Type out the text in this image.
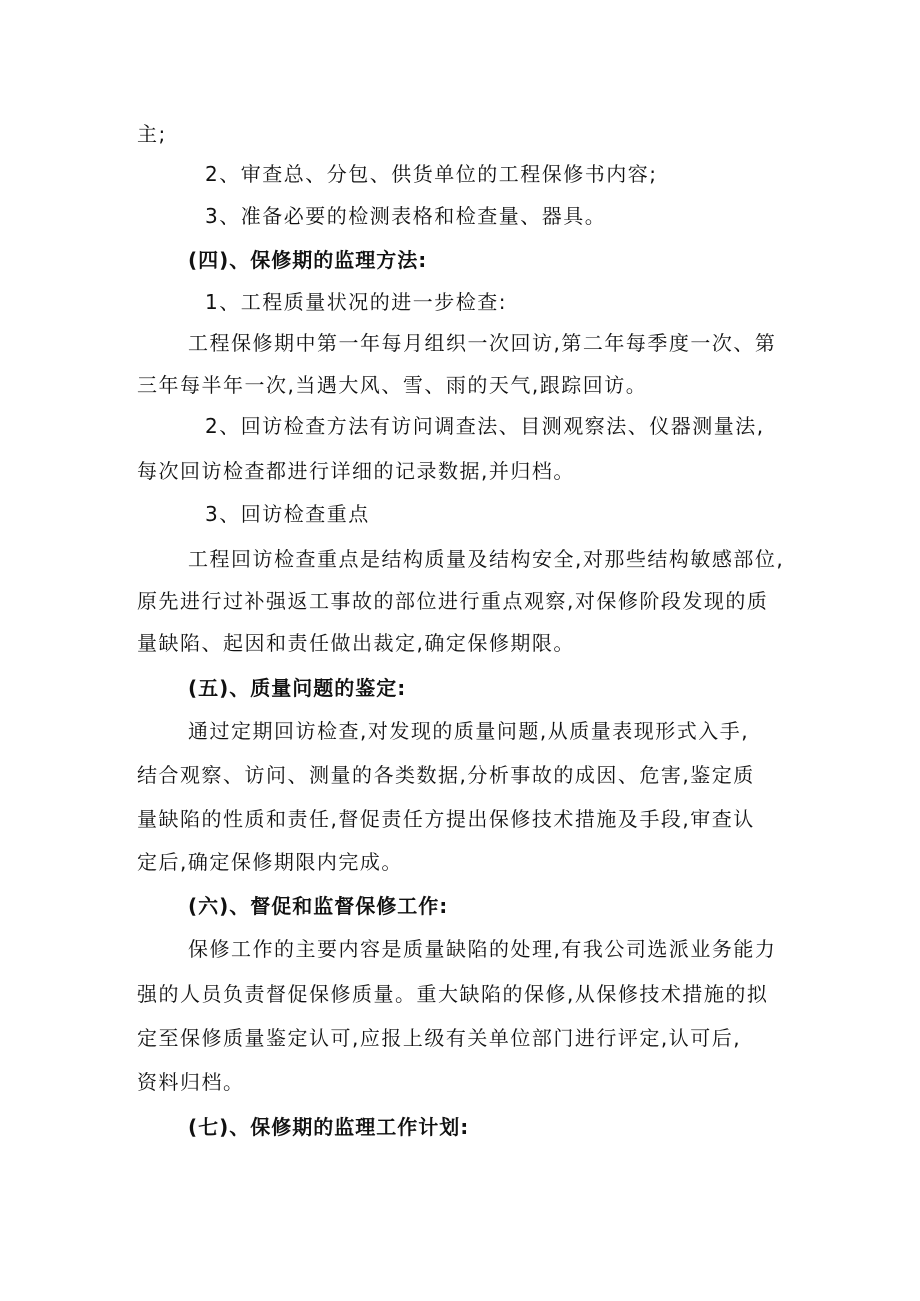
主;
2、审查总、分包、供货单位的工程保修书内容;
3、准备必要的检测表格和检查量、器具。
(四)、保修期的监理方法:
1、工程质量状况的进一步检查:
工程保修期中第一年每月组织一次回访,第二年每季度一次、第
三年每半年一次,当遇大风、雪、雨的天气,跟踪回访。
2、回访检查方法有访问调查法、目测观察法、仪器测量法,
每次回访检查都进行详细的记录数据,并归档。
3、回访检查重点
工程回访检查重点是结构质量及结构安全,对那些结构敏感部位,
原先进行过补强返工事故的部位进行重点观察,对保修阶段发现的质
量缺陷、起因和责任做出裁定,确定保修期限。
(五)、质量问题的鉴定:
通过定期回访检查,对发现的质量问题,从质量表现形式入手,
结合观察、访问、测量的各类数据,分析事故的成因、危害,鉴定质
量缺陷的性质和责任,督促责任方提出保修技术措施及手段,审查认
定后,确定保修期限内完成。
(六)、督促和监督保修工作:
保修工作的主要内容是质量缺陷的处理,有我公司选派业务能力
强的人员负责督促保修质量。重大缺陷的保修,从保修技术措施的拟
定至保修质量鉴定认可,应报上级有关单位部门进行评定,认可后,
资料归档。
(七)、保修期的监理工作计划:
